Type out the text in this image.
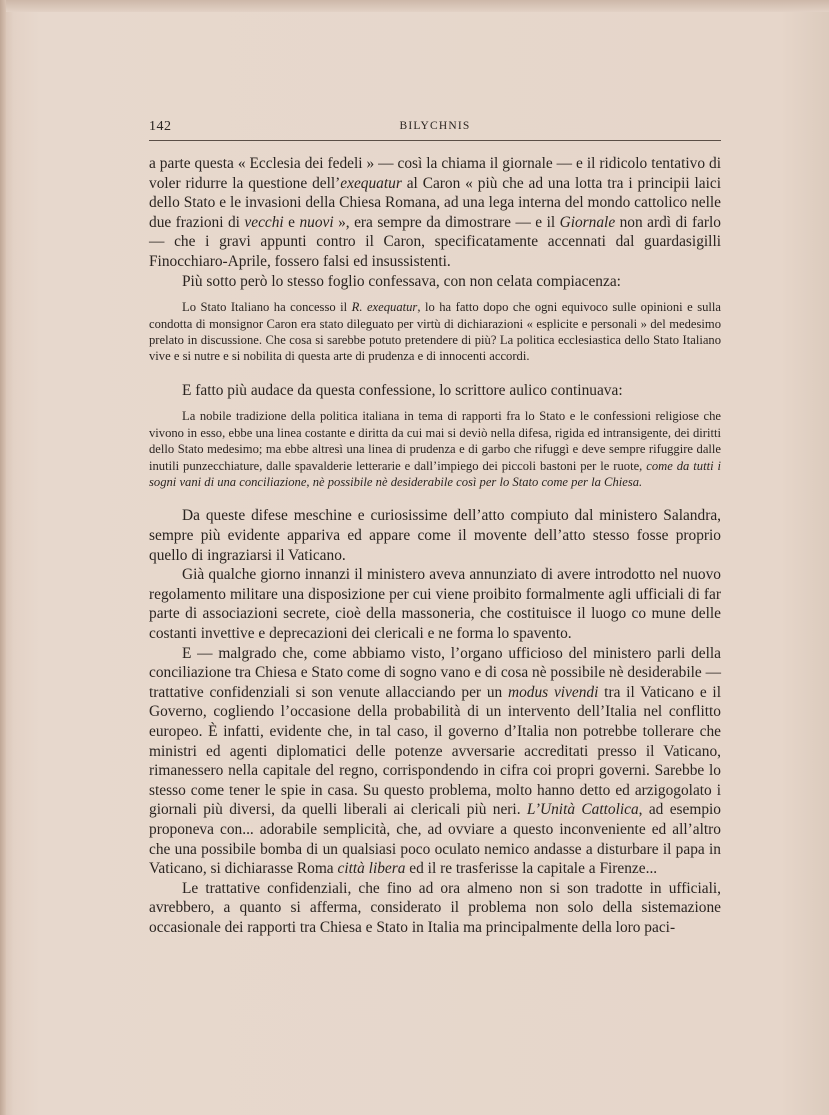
142	BILYCHNIS

a parte questa « Ecclesia dei fedeli » — così la chiama il giornale — e il ridicolo tentativo di voler ridurre la questione dell’exequatur al Caron « più che ad una lotta tra i principii laici dello Stato e le invasioni della Chiesa Romana, ad una lega interna del mondo cattolico nelle due frazioni di vecchi e nuovi », era sempre da dimostrare — e il Giornale non ardì di farlo — che i gravi appunti contro il Caron, specificatamente accennati dal guardasigilli Finocchiaro-Aprile, fossero falsi ed insussistenti.

Più sotto però lo stesso foglio confessava, con non celata compiacenza:

Lo Stato Italiano ha concesso il R. exequatur, lo ha fatto dopo che ogni equivoco sulle opinioni e sulla condotta di monsignor Caron era stato dileguato per virtù di dichiarazioni « esplicite e personali » del medesimo prelato in discussione. Che cosa si sarebbe potuto pretendere di più? La politica ecclesiastica dello Stato Italiano vive e si nutre e si nobilita di questa arte di prudenza e di innocenti accordi.

E fatto più audace da questa confessione, lo scrittore aulico continuava:

La nobile tradizione della politica italiana in tema di rapporti fra lo Stato e le confessioni religiose che vivono in esso, ebbe una linea costante e diritta da cui mai si deviò nella difesa, rigida ed intransigente, dei diritti dello Stato medesimo; ma ebbe altresì una linea di prudenza e di garbo che rifuggì e deve sempre rifuggire dalle inutili punzecchiature, dalle spavalderie letterarie e dall’impiego dei piccoli bastoni per le ruote, come da tutti i sogni vani di una conciliazione, nè possibile nè desiderabile così per lo Stato come per la Chiesa.

Da queste difese meschine e curiosissime dell’atto compiuto dal ministero Salandra, sempre più evidente appariva ed appare come il movente dell’atto stesso fosse proprio quello di ingraziarsi il Vaticano.

Già qualche giorno innanzi il ministero aveva annunziato di avere introdotto nel nuovo regolamento militare una disposizione per cui viene proibito formalmente agli ufficiali di far parte di associazioni secrete, cioè della massoneria, che costituisce il luogo co mune delle costanti invettive e deprecazioni dei clericali e ne forma lo spavento.

E — malgrado che, come abbiamo visto, l’organo ufficioso del ministero parli della conciliazione tra Chiesa e Stato come di sogno vano e di cosa nè possibile nè desiderabile — trattative confidenziali si son venute allacciando per un modus vivendi tra il Vaticano e il Governo, cogliendo l’occasione della probabilità di un intervento dell’Italia nel conflitto europeo. È infatti, evidente che, in tal caso, il governo d’Italia non potrebbe tollerare che ministri ed agenti diplomatici delle potenze avversarie accreditati presso il Vaticano, rimanessero nella capitale del regno, corrispondendo in cifra coi propri governi. Sarebbe lo stesso come tener le spie in casa. Su questo problema, molto hanno detto ed arzigogolato i giornali più diversi, da quelli liberali ai clericali più neri. L’Unità Cattolica, ad esempio proponeva con... adorabile semplicità, che, ad ovviare a questo inconveniente ed all’altro che una possibile bomba di un qualsiasi poco oculato nemico andasse a disturbare il papa in Vaticano, si dichiarasse Roma città libera ed il re trasferisse la capitale a Firenze...

Le trattative confidenziali, che fino ad ora almeno non si son tradotte in ufficiali, avrebbero, a quanto si afferma, considerato il problema non solo della sistemazione occasionale dei rapporti tra Chiesa e Stato in Italia ma principalmente della loro paci-
